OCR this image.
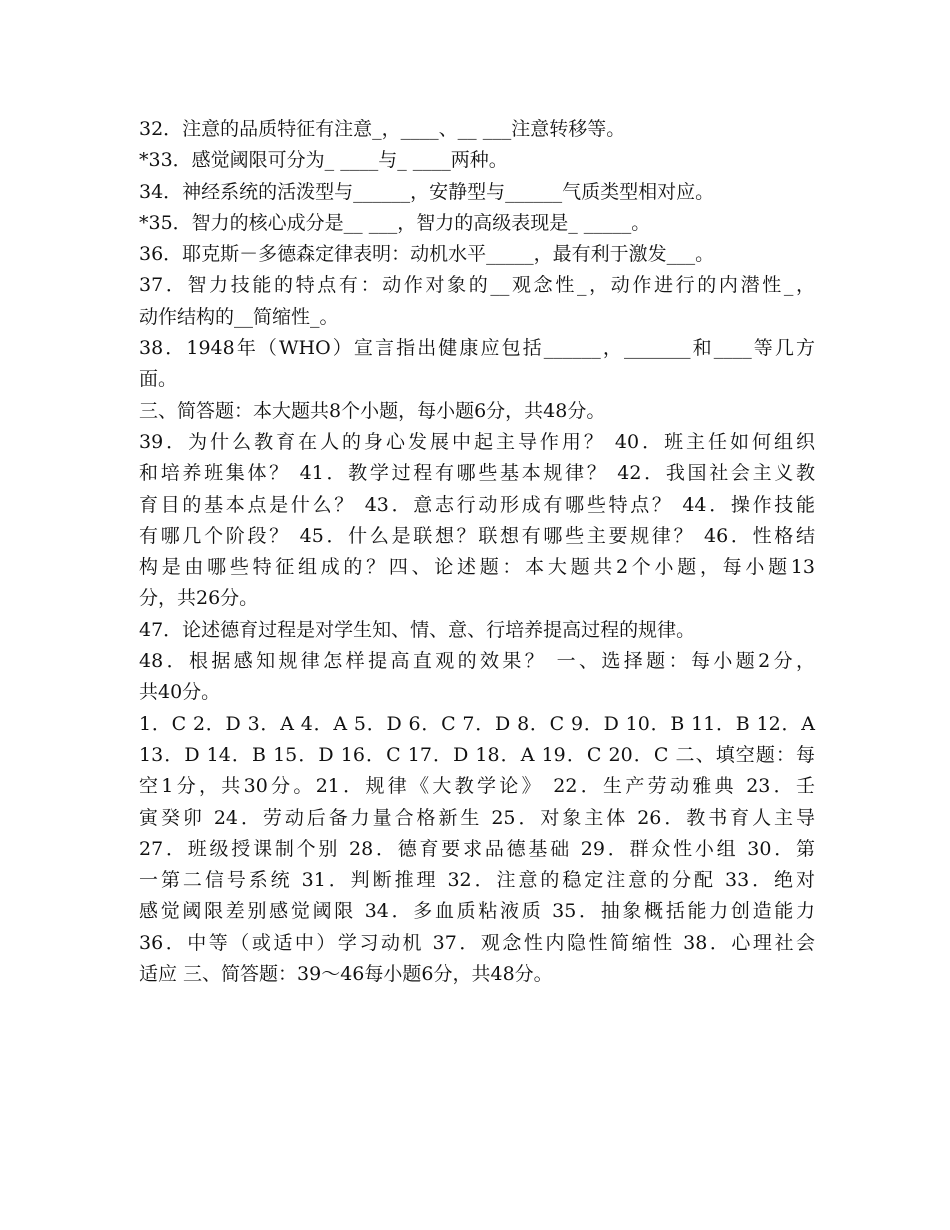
32．注意的品质特征有注意_，____、__ ___注意转移等。
*33．感觉阈限可分为_ ____与_ ____两种。
34．神经系统的活泼型与______，安静型与______气质类型相对应。
*35．智力的核心成分是__ ___，智力的高级表现是_ _____。
36．耶克斯－多德森定律表明：动机水平_____，最有利于激发___。
37．智力技能的特点有：动作对象的__观念性_，动作进行的内潜性_，
动作结构的__简缩性_。
38．1948年（WHO）宣言指出健康应包括______，_______和____等几方
面。
三、简答题：本大题共8个小题，每小题6分，共48分。
39．为什么教育在人的身心发展中起主导作用？ 40．班主任如何组织
和培养班集体？ 41．教学过程有哪些基本规律？ 42．我国社会主义教
育目的基本点是什么？ 43．意志行动形成有哪些特点？ 44．操作技能
有哪几个阶段？ 45．什么是联想？联想有哪些主要规律？ 46．性格结
构是由哪些特征组成的？四、论述题：本大题共2个小题，每小题13
分，共26分。
47．论述德育过程是对学生知、情、意、行培养提高过程的规律。
48．根据感知规律怎样提高直观的效果？ 一、选择题：每小题2分，
共40分。
1．C 2．D 3．A 4．A 5．D 6．C 7．D 8．C 9．D 10．B 11．B 12．A
13．D 14．B 15．D 16．C 17．D 18．A 19．C 20．C 二、填空题：每
空1分，共30分。21．规律《大教学论》 22．生产劳动雅典 23．壬
寅癸卯 24．劳动后备力量合格新生 25．对象主体 26．教书育人主导
27．班级授课制个别 28．德育要求品德基础 29．群众性小组 30．第
一第二信号系统 31．判断推理 32．注意的稳定注意的分配 33．绝对
感觉阈限差别感觉阈限 34．多血质粘液质 35．抽象概括能力创造能力
36．中等（或适中）学习动机 37．观念性内隐性简缩性 38．心理社会
适应 三、简答题：39～46每小题6分，共48分。
